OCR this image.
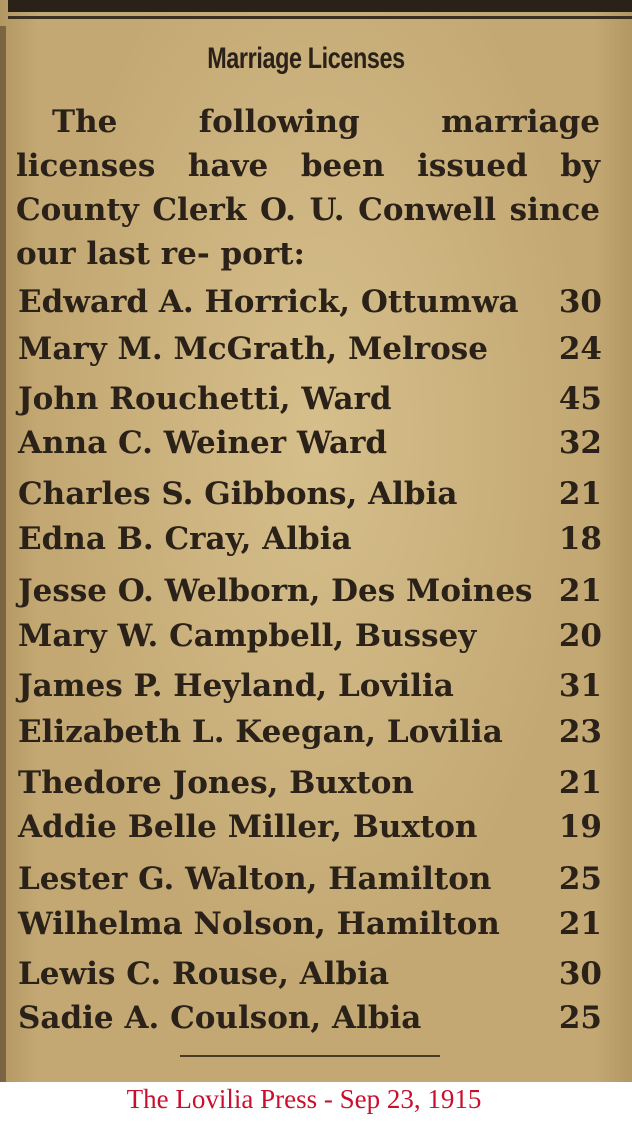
Marriage Licenses
The following marriage licenses have been issued by County Clerk O. U. Conwell since our last re- port:
Edward A. Horrick, Ottumwa 30
Mary M. McGrath, Melrose 24
John Rouchetti, Ward	45
Anna C. Weiner Ward	32
Charles S. Gibbons, Albia	21
Edna B. Cray, Albia	18
Jesse O. Welborn, Des Moines 21
Mary W. Campbell, Bussey	20
James P. Heyland, Lovilia	31
Elizabeth L. Keegan, Lovilia 23
Thedore Jones, Buxton	21
Addie Belle Miller, Buxton	19
Lester G. Walton, Hamilton 25
Wilhelma Nolson, Hamilton 21
Lewis C. Rouse, Albia	30
Sadie A. Coulson, Albia	25
The Lovilia Press - Sep 23, 1915
